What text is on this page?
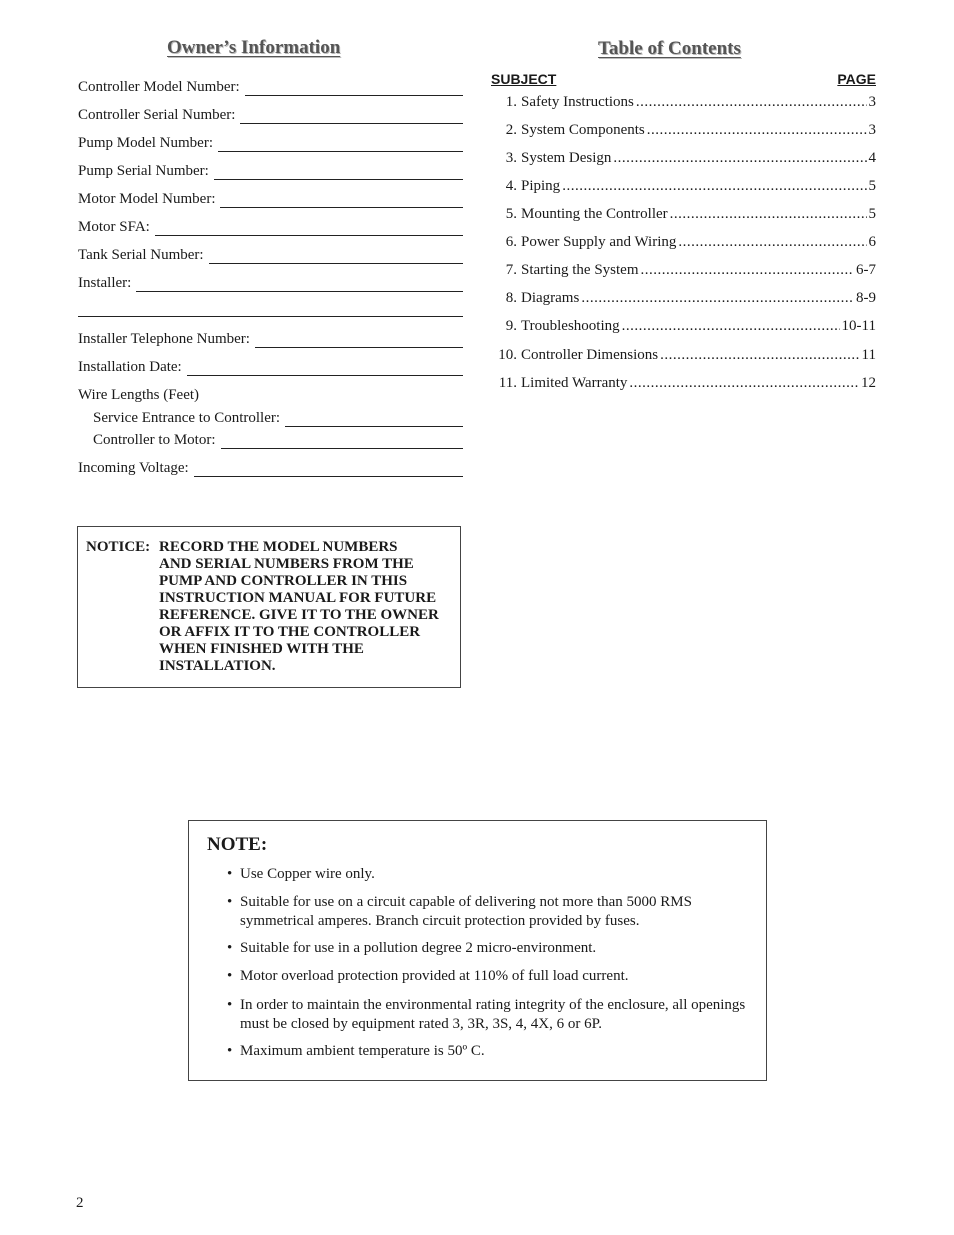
Owner’s Information
Controller Model Number:
Controller Serial Number:
Pump Model Number:
Pump Serial Number:
Motor Model Number:
Motor SFA:
Tank Serial Number:
Installer:
Installer Telephone Number:
Installation Date:
Wire Lengths (Feet)
Service Entrance to Controller:
Controller to Motor:
Incoming Voltage:
NOTICE: RECORD THE MODEL NUMBERS
AND SERIAL NUMBERS FROM THE
PUMP AND CONTROLLER IN THIS
INSTRUCTION MANUAL FOR FUTURE
REFERENCE. GIVE IT TO THE OWNER
OR AFFIX IT TO THE CONTROLLER
WHEN FINISHED WITH THE
INSTALLATION.
Table of Contents
SUBJECT	PAGE
1. Safety Instructions .....	3
2. System Components .....	3
3. System Design .....	4
4. Piping .....	5
5. Mounting the Controller .....	5
6. Power Supply and Wiring .....	6
7. Starting the System .....	6-7
8. Diagrams .....	8-9
9. Troubleshooting .....	10-11
10. Controller Dimensions .....	11
11. Limited Warranty .....	12
NOTE:
• Use Copper wire only.
• Suitable for use on a circuit capable of delivering not more than 5000 RMS symmetrical amperes. Branch circuit protection provided by fuses.
• Suitable for use in a pollution degree 2 micro-environment.
• Motor overload protection provided at 110% of full load current.
• In order to maintain the environmental rating integrity of the enclosure, all openings must be closed by equipment rated 3, 3R, 3S, 4, 4X, 6 or 6P.
• Maximum ambient temperature is 50º C.
2
